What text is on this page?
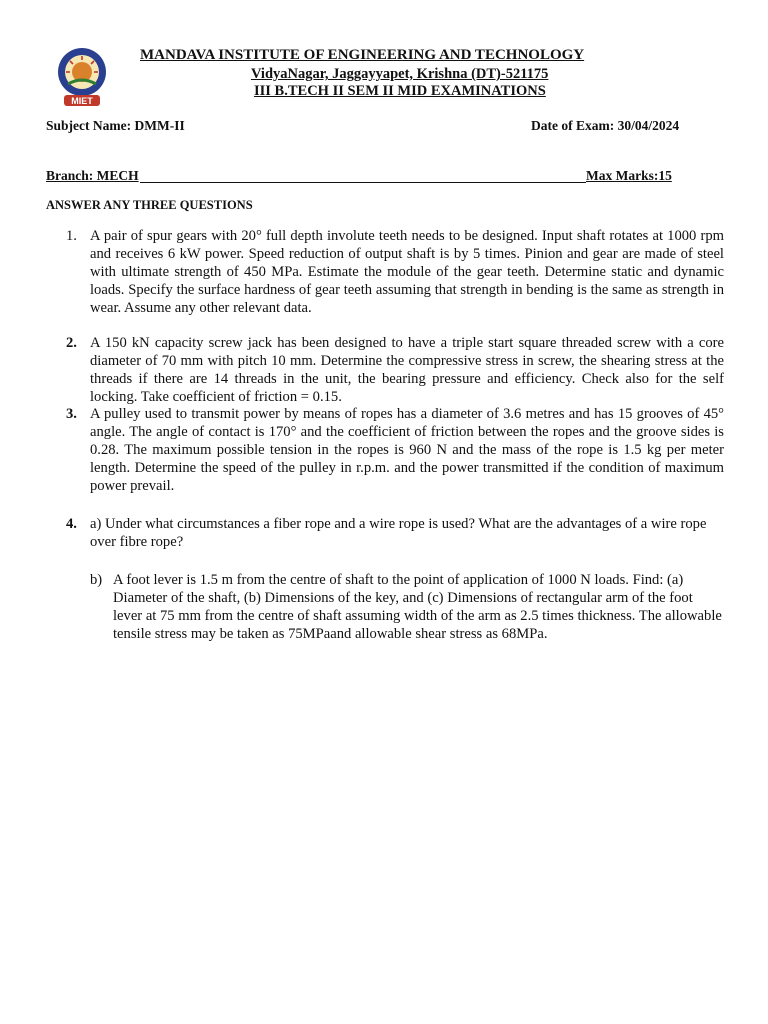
MIET
MANDAVA INSTITUTE OF ENGINEERING AND TECHNOLOGY
VidyaNagar, Jaggayyapet, Krishna (DT)-521175
III B.TECH II SEM II MID EXAMINATIONS
Subject Name: DMM-II	Date of Exam: 30/04/2024
Branch: MECH	Max Marks:15
ANSWER ANY THREE QUESTIONS
1. A pair of spur gears with 20° full depth involute teeth needs to be designed. Input shaft rotates at 1000 rpm and receives 6 kW power. Speed reduction of output shaft is by 5 times. Pinion and gear are made of steel with ultimate strength of 450 MPa. Estimate the module of the gear teeth. Determine static and dynamic loads. Specify the surface hardness of gear teeth assuming that strength in bending is the same as strength in wear. Assume any other relevant data.
2. A 150 kN capacity screw jack has been designed to have a triple start square threaded screw with a core diameter of 70 mm with pitch 10 mm. Determine the compressive stress in screw, the shearing stress at the threads if there are 14 threads in the unit, the bearing pressure and efficiency. Check also for the self locking. Take coefficient of friction = 0.15.
3. A pulley used to transmit power by means of ropes has a diameter of 3.6 metres and has 15 grooves of 45° angle. The angle of contact is 170° and the coefficient of friction between the ropes and the groove sides is 0.28. The maximum possible tension in the ropes is 960 N and the mass of the rope is 1.5 kg per meter length. Determine the speed of the pulley in r.p.m. and the power transmitted if the condition of maximum power prevail.
4. a) Under what circumstances a fiber rope and a wire rope is used? What are the advantages of a wire rope over fibre rope?
b) A foot lever is 1.5 m from the centre of shaft to the point of application of 1000 N loads. Find: (a) Diameter of the shaft, (b) Dimensions of the key, and (c) Dimensions of rectangular arm of the foot lever at 75 mm from the centre of shaft assuming width of the arm as 2.5 times thickness. The allowable tensile stress may be taken as 75MPaand allowable shear stress as 68MPa.
